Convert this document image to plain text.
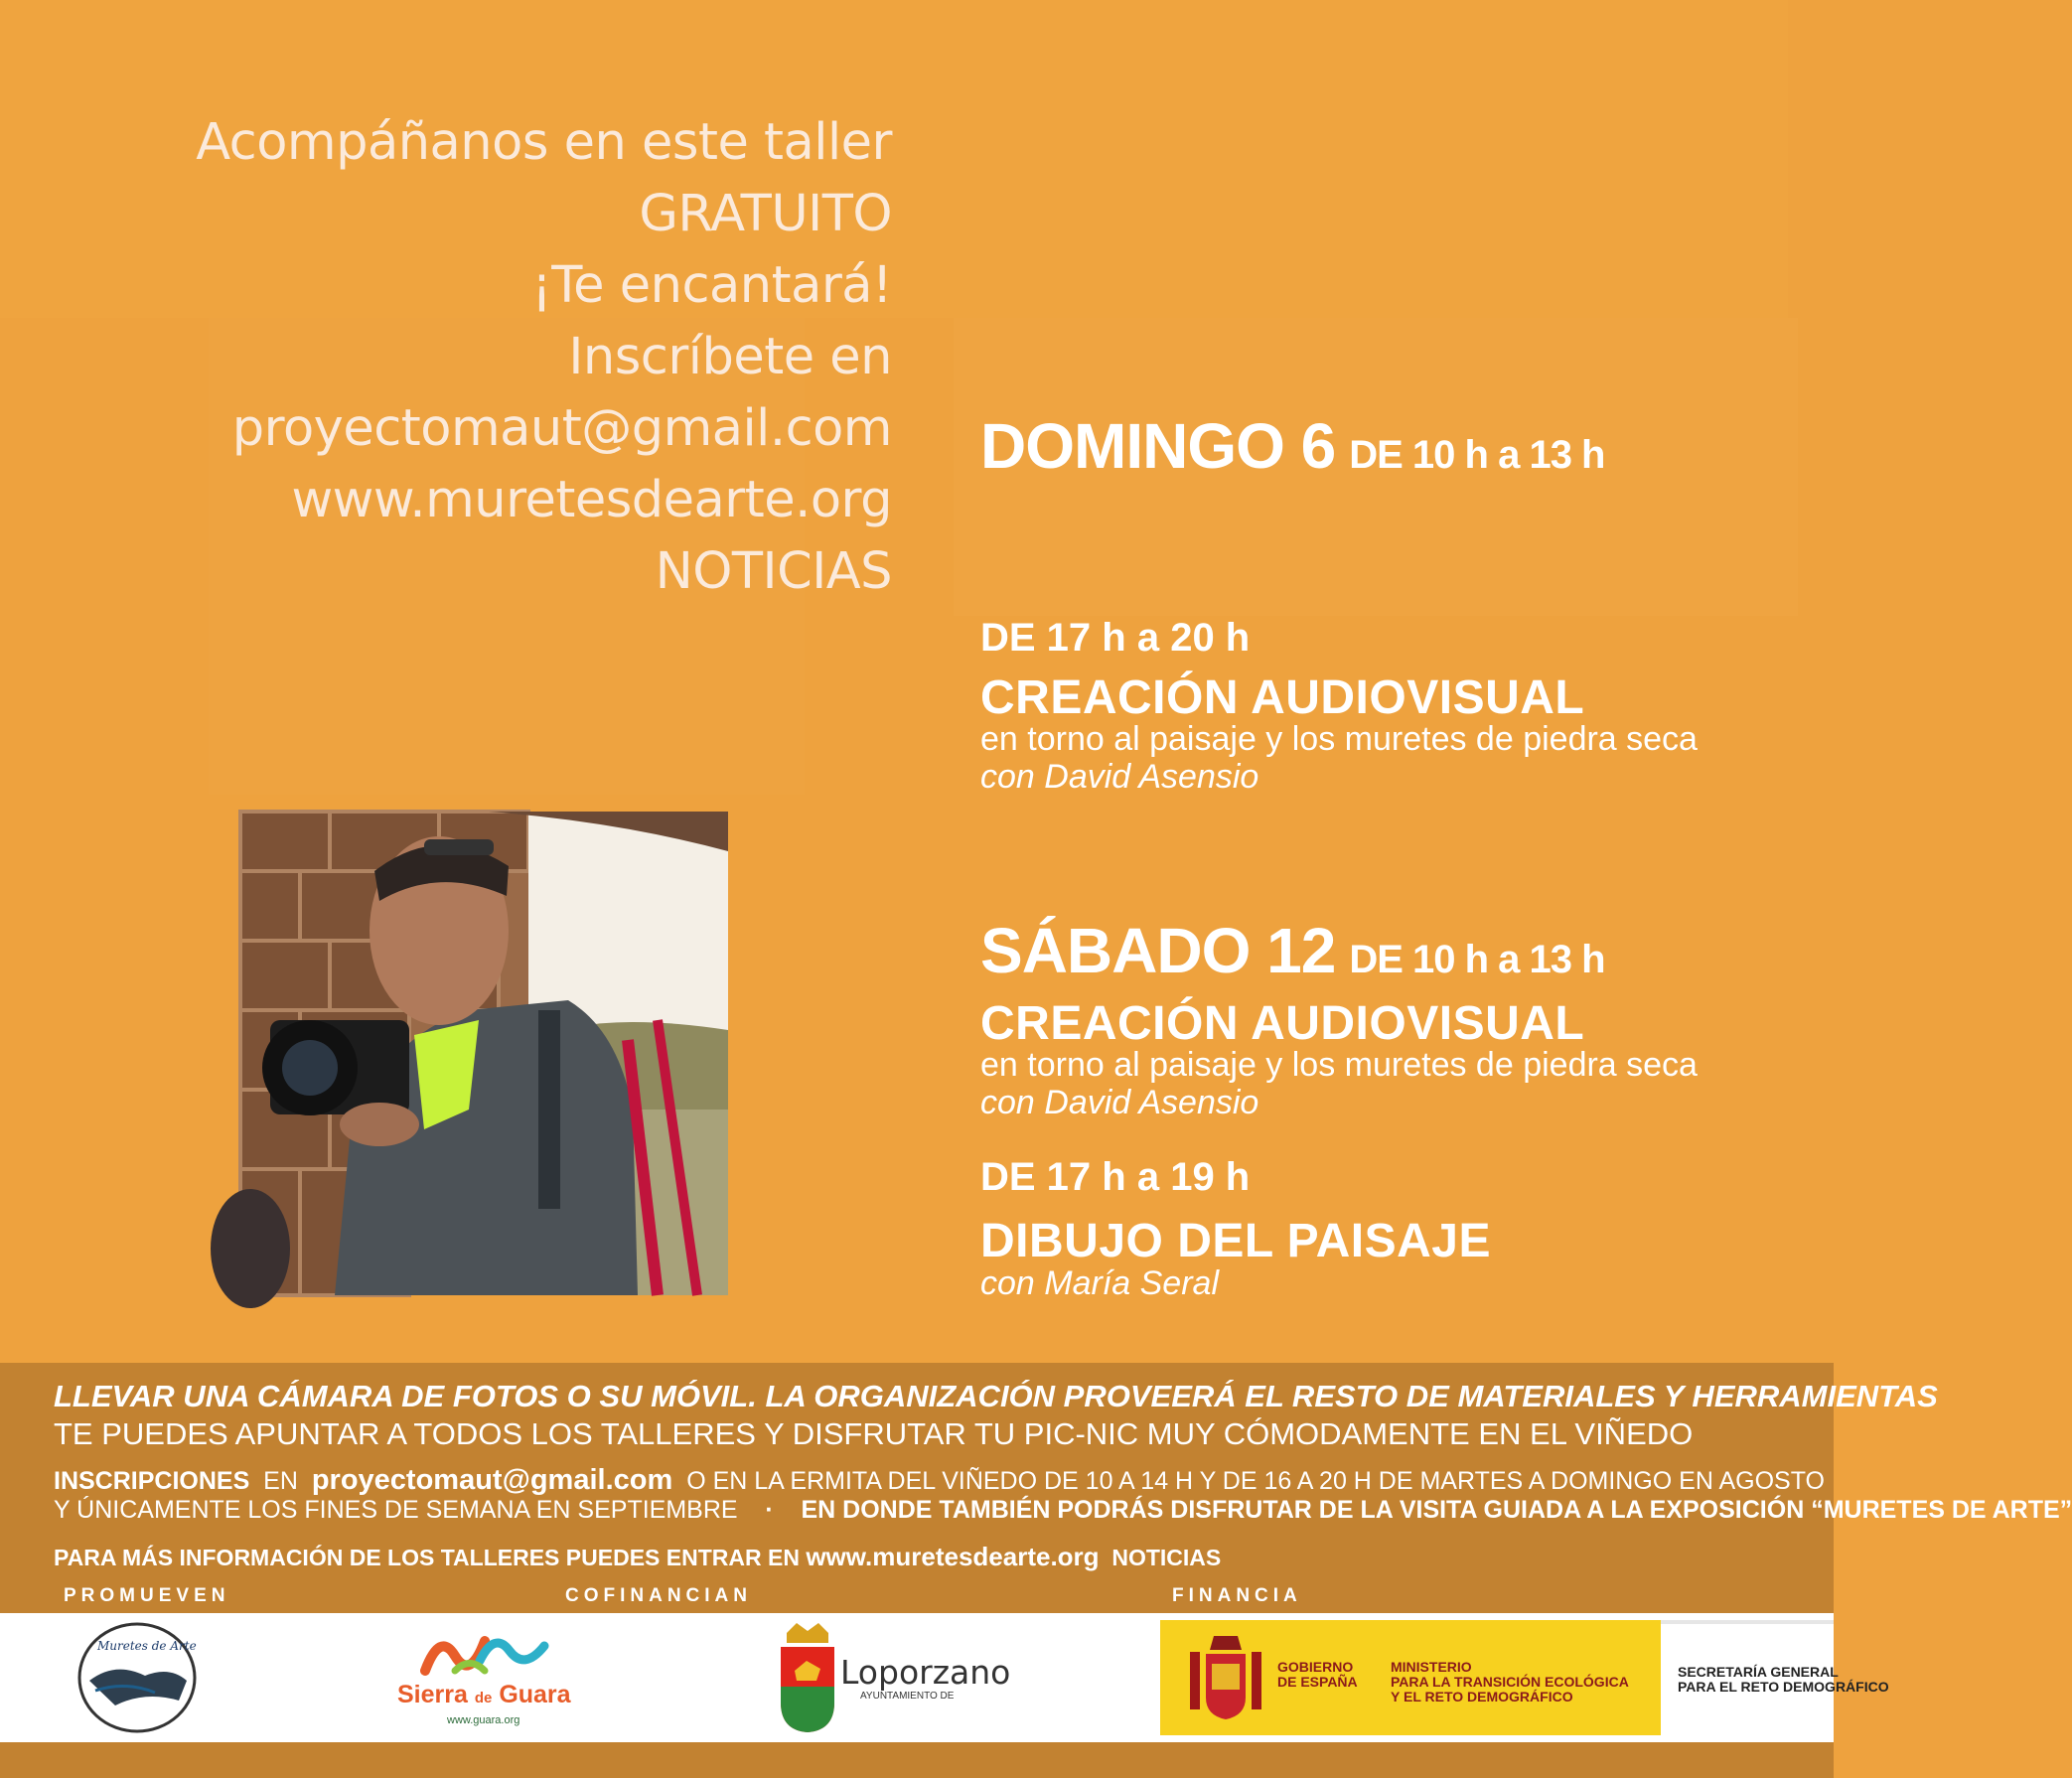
Acompáñanos en este taller
GRATUITO
¡Te encantará!
Inscríbete en
proyectomaut@gmail.com
www.muretesdearte.org
NOTICIAS
DOMINGO 6 DE 10 h a 13 h
DE 17 h a 20 h
CREACIÓN AUDIOVISUAL
en torno al paisaje y los muretes de piedra seca
con David Asensio
SÁBADO 12 DE 10 h a 13 h
CREACIÓN AUDIOVISUAL
en torno al paisaje y los muretes de piedra seca
con David Asensio
DE 17 h a 19 h
DIBUJO DEL PAISAJE
con María Seral
LLEVAR UNA CÁMARA DE FOTOS O SU MÓVIL. LA ORGANIZACIÓN PROVEERÁ EL RESTO DE MATERIALES Y HERRAMIENTAS
TE PUEDES APUNTAR A TODOS LOS TALLERES Y DISFRUTAR TU PIC-NIC MUY CÓMODAMENTE EN EL VIÑEDO
INSCRIPCIONES EN proyectomaut@gmail.com O EN LA ERMITA DEL VIÑEDO DE 10 A 14 H Y DE 16 A 20 H DE MARTES A DOMINGO EN AGOSTO
Y ÚNICAMENTE LOS FINES DE SEMANA EN SEPTIEMBRE · EN DONDE TAMBIÉN PODRÁS DISFRUTAR DE LA VISITA GUIADA A LA EXPOSICIÓN “MURETES DE ARTE”
PARA MÁS INFORMACIÓN DE LOS TALLERES PUEDES ENTRAR EN www.muretesdearte.org NOTICIAS
PROMUEVEN	COFINANCIAN	FINANCIA
Muretes de Arte
Sierra de Guara
www.guara.org
Loporzano
AYUNTAMIENTO DE
GOBIERNO
DE ESPAÑA
MINISTERIO
PARA LA TRANSICIÓN ECOLÓGICA
Y EL RETO DEMOGRÁFICO
SECRETARÍA GENERAL
PARA EL RETO DEMOGRÁFICO
